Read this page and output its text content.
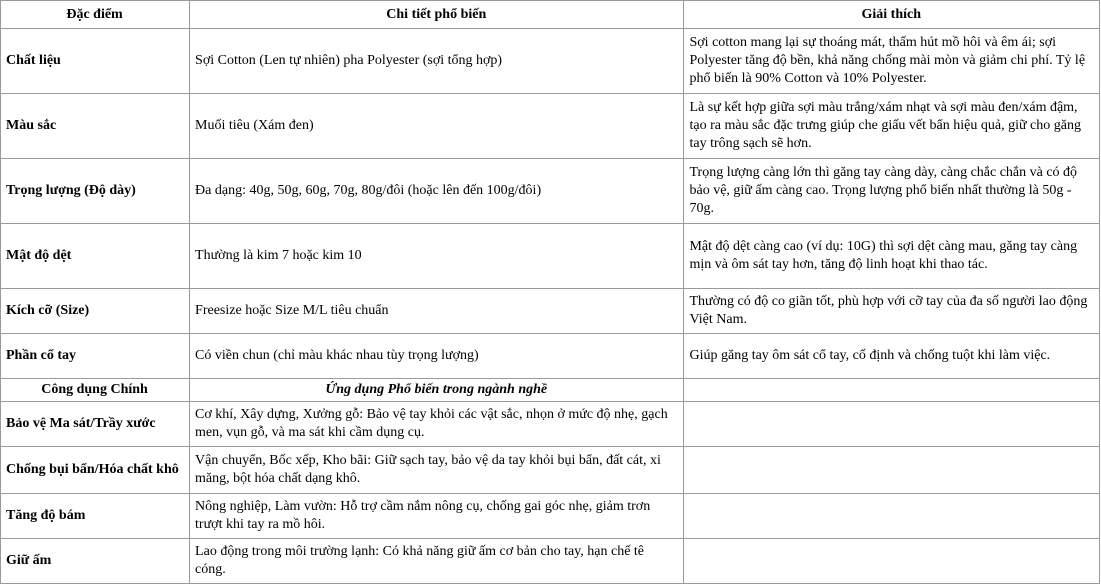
Đặc điểm	Chi tiết phổ biến	Giải thích
Chất liệu	Sợi Cotton (Len tự nhiên) pha Polyester (sợi tổng hợp)	Sợi cotton mang lại sự thoáng mát, thấm hút mồ hôi và êm ái; sợi Polyester tăng độ bền, khả năng chống mài mòn và giảm chi phí. Tỷ lệ phổ biến là 90% Cotton và 10% Polyester.
Màu sắc	Muối tiêu (Xám đen)	Là sự kết hợp giữa sợi màu trắng/xám nhạt và sợi màu đen/xám đậm, tạo ra màu sắc đặc trưng giúp che giấu vết bẩn hiệu quả, giữ cho găng tay trông sạch sẽ hơn.
Trọng lượng (Độ dày)	Đa dạng: 40g, 50g, 60g, 70g, 80g/đôi (hoặc lên đến 100g/đôi)	Trọng lượng càng lớn thì găng tay càng dày, càng chắc chắn và có độ bảo vệ, giữ ấm càng cao. Trọng lượng phổ biến nhất thường là 50g - 70g.
Mật độ dệt	Thường là kim 7 hoặc kim 10	Mật độ dệt càng cao (ví dụ: 10G) thì sợi dệt càng mau, găng tay càng mịn và ôm sát tay hơn, tăng độ linh hoạt khi thao tác.
Kích cỡ (Size)	Freesize hoặc Size M/L tiêu chuẩn	Thường có độ co giãn tốt, phù hợp với cỡ tay của đa số người lao động Việt Nam.
Phần cổ tay	Có viền chun (chỉ màu khác nhau tùy trọng lượng)	Giúp găng tay ôm sát cổ tay, cố định và chống tuột khi làm việc.
Công dụng Chính	Ứng dụng Phổ biến trong ngành nghề	
Bảo vệ Ma sát/Trầy xước	Cơ khí, Xây dựng, Xưởng gỗ: Bảo vệ tay khỏi các vật sắc, nhọn ở mức độ nhẹ, gạch men, vụn gỗ, và ma sát khi cầm dụng cụ.	
Chống bụi bẩn/Hóa chất khô	Vận chuyển, Bốc xếp, Kho bãi: Giữ sạch tay, bảo vệ da tay khỏi bụi bẩn, đất cát, xi măng, bột hóa chất dạng khô.	
Tăng độ bám	Nông nghiệp, Làm vườn: Hỗ trợ cầm nắm nông cụ, chống gai góc nhẹ, giảm trơn trượt khi tay ra mồ hôi.	
Giữ ấm	Lao động trong môi trường lạnh: Có khả năng giữ ấm cơ bản cho tay, hạn chế tê cóng.	
